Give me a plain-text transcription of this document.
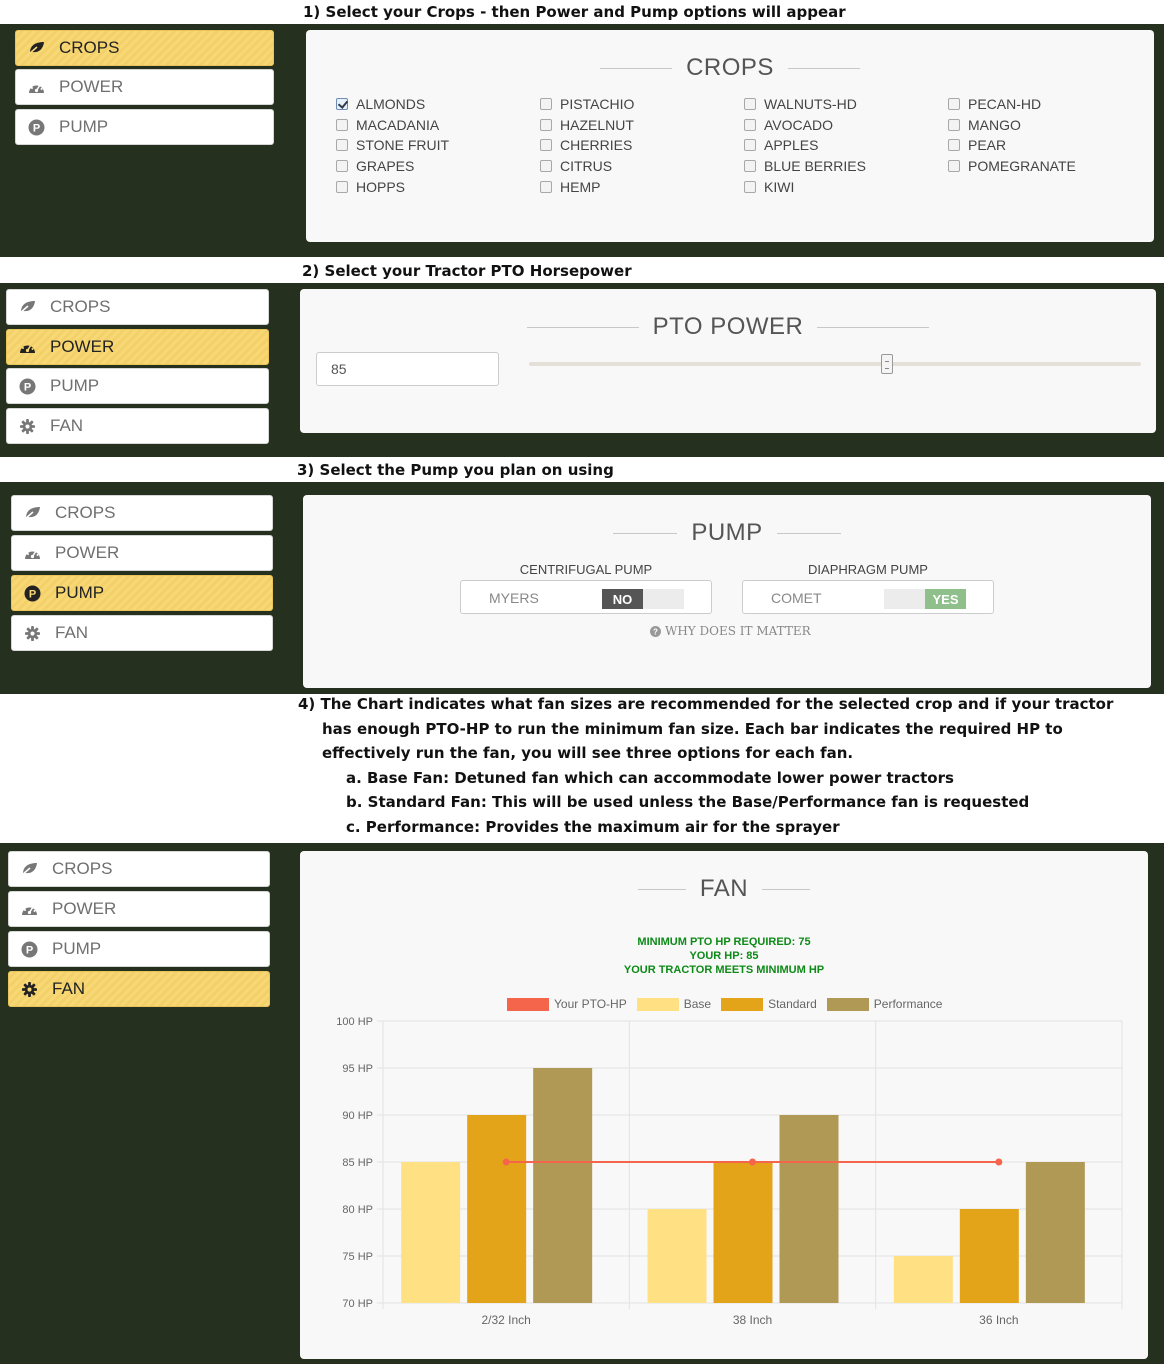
1) Select your Crops - then Power and Pump options will appear
CROPS
POWER
P PUMP
CROPS
ALMONDS
MACADANIA
STONE FRUIT
GRAPES
HOPPS
PISTACHIO
HAZELNUT
CHERRIES
CITRUS
HEMP
WALNUTS-HD
AVOCADO
APPLES
BLUE BERRIES
KIWI
PECAN-HD
MANGO
PEAR
POMEGRANATE
2) Select your Tractor PTO Horsepower
CROPS
POWER
P PUMP
FAN
PTO POWER
85
3) Select the Pump you plan on using
CROPS
POWER
P PUMP
FAN
PUMP
CENTRIFUGAL PUMP
MYERS	NO
DIAPHRAGM PUMP
COMET	YES
? WHY DOES IT MATTER
4) The Chart indicates what fan sizes are recommended for the selected crop and if your tractor
has enough PTO-HP to run the minimum fan size. Each bar indicates the required HP to
effectively run the fan, you will see three options for each fan.
a. Base Fan: Detuned fan which can accommodate lower power tractors
b. Standard Fan: This will be used unless the Base/Performance fan is requested
c. Performance: Provides the maximum air for the sprayer
CROPS
POWER
P PUMP
FAN
FAN
MINIMUM PTO HP REQUIRED: 75
YOUR HP: 85
YOUR TRACTOR MEETS MINIMUM HP
Your PTO-HP	Base	Standard	Performance
70 HP
75 HP
80 HP
85 HP
90 HP
95 HP
100 HP
2/32 Inch	38 Inch	36 Inch
